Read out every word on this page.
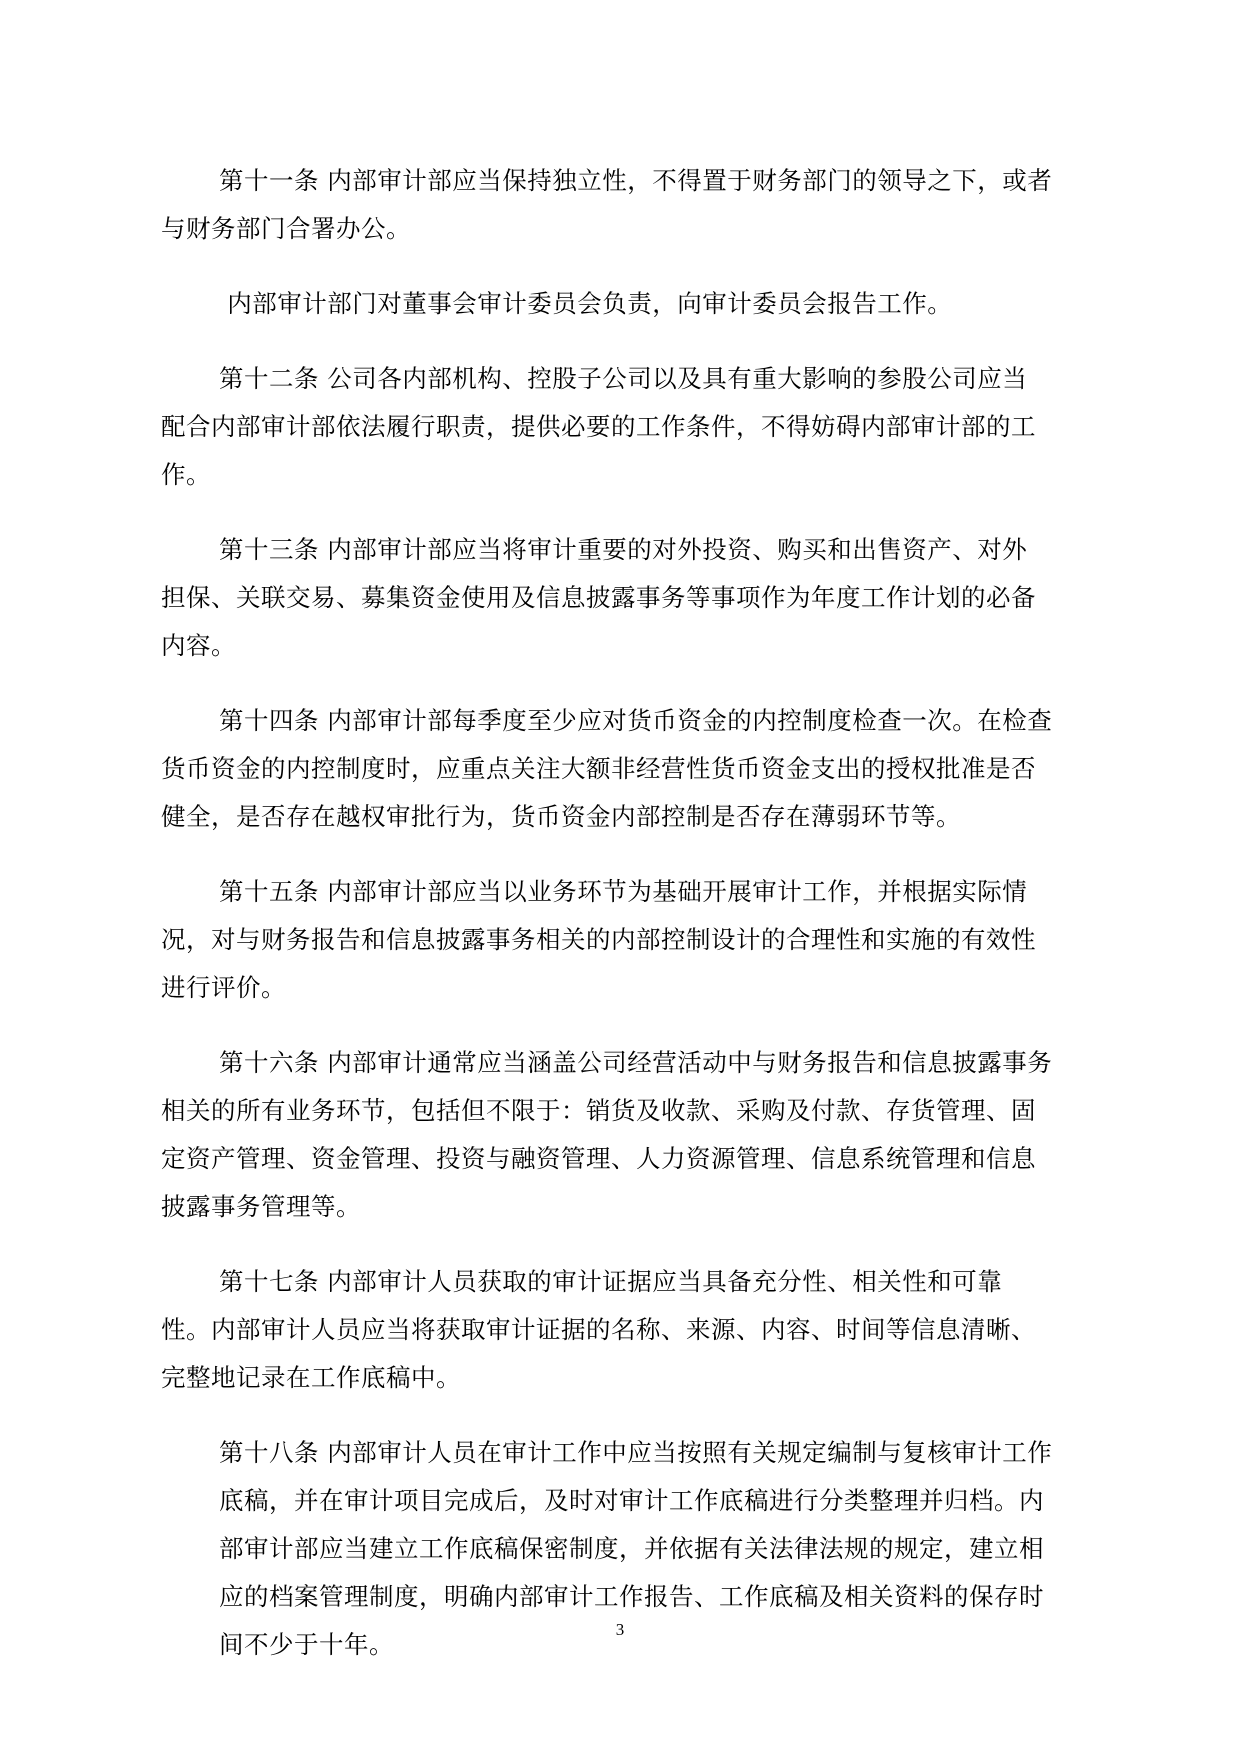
第十一条 内部审计部应当保持独立性，不得置于财务部门的领导之下，或者
与财务部门合署办公。
内部审计部门对董事会审计委员会负责，向审计委员会报告工作。
第十二条 公司各内部机构、控股子公司以及具有重大影响的参股公司应当
配合内部审计部依法履行职责，提供必要的工作条件，不得妨碍内部审计部的工
作。
第十三条 内部审计部应当将审计重要的对外投资、购买和出售资产、对外
担保、关联交易、募集资金使用及信息披露事务等事项作为年度工作计划的必备
内容。
第十四条 内部审计部每季度至少应对货币资金的内控制度检查一次。在检查
货币资金的内控制度时，应重点关注大额非经营性货币资金支出的授权批准是否
健全，是否存在越权审批行为，货币资金内部控制是否存在薄弱环节等。
第十五条 内部审计部应当以业务环节为基础开展审计工作，并根据实际情
况，对与财务报告和信息披露事务相关的内部控制设计的合理性和实施的有效性
进行评价。
第十六条 内部审计通常应当涵盖公司经营活动中与财务报告和信息披露事务
相关的所有业务环节，包括但不限于：销货及收款、采购及付款、存货管理、固
定资产管理、资金管理、投资与融资管理、人力资源管理、信息系统管理和信息
披露事务管理等。
第十七条 内部审计人员获取的审计证据应当具备充分性、相关性和可靠
性。内部审计人员应当将获取审计证据的名称、来源、内容、时间等信息清晰、
完整地记录在工作底稿中。
第十八条 内部审计人员在审计工作中应当按照有关规定编制与复核审计工作
底稿，并在审计项目完成后，及时对审计工作底稿进行分类整理并归档。内
部审计部应当建立工作底稿保密制度，并依据有关法律法规的规定，建立相
应的档案管理制度，明确内部审计工作报告、工作底稿及相关资料的保存时
间不少于十年。
3
